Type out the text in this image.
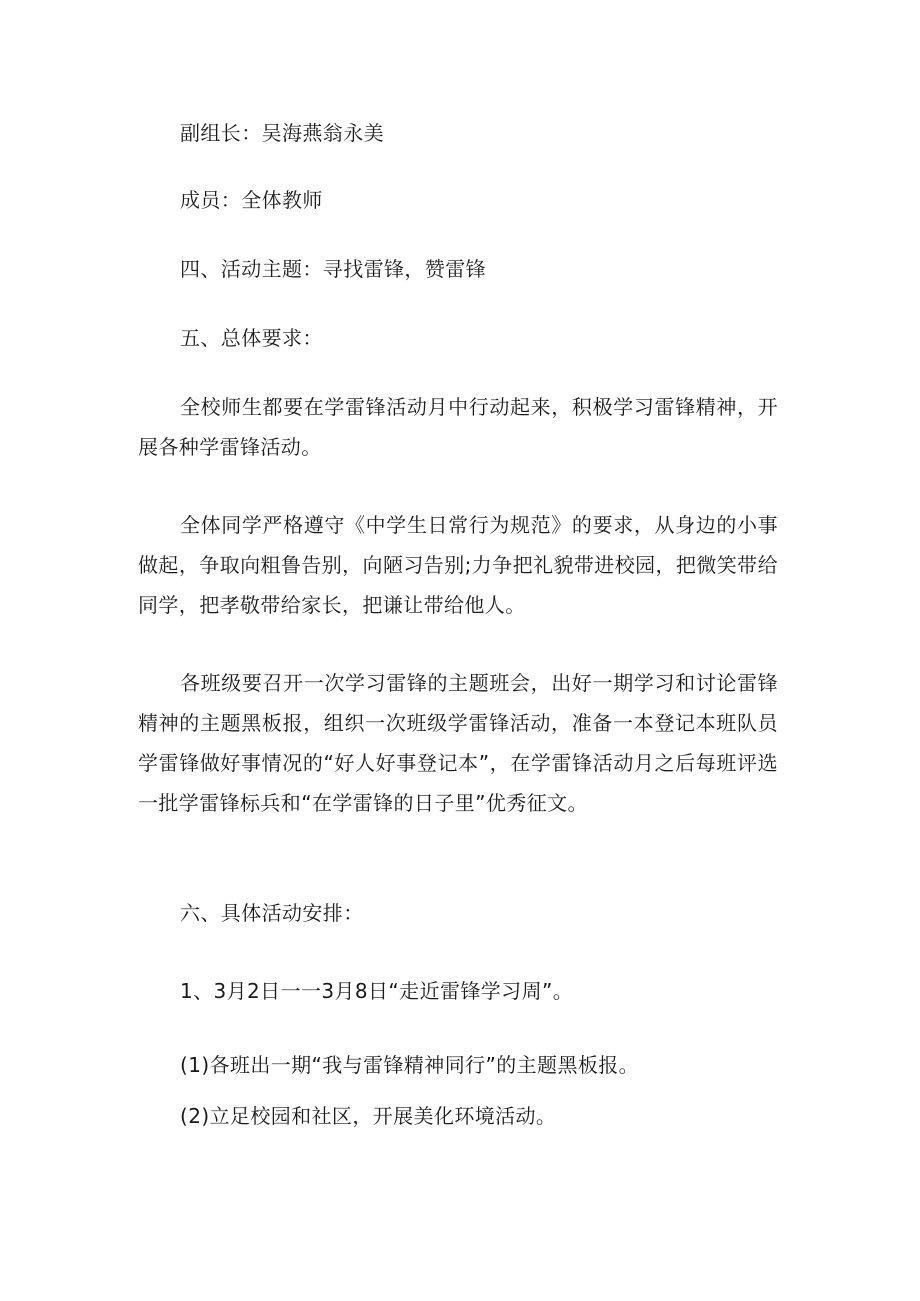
副组长：吴海燕翁永美

成员：全体教师

四、活动主题：寻找雷锋，赞雷锋

五、总体要求：

全校师生都要在学雷锋活动月中行动起来，积极学习雷锋精神，开展各种学雷锋活动。

全体同学严格遵守《中学生日常行为规范》的要求，从身边的小事做起，争取向粗鲁告别，向陋习告别;力争把礼貌带进校园，把微笑带给同学，把孝敬带给家长，把谦让带给他人。

各班级要召开一次学习雷锋的主题班会，出好一期学习和讨论雷锋精神的主题黑板报，组织一次班级学雷锋活动，准备一本登记本班队员学雷锋做好事情况的“好人好事登记本”，在学雷锋活动月之后每班评选一批学雷锋标兵和“在学雷锋的日子里”优秀征文。

六、具体活动安排：

1、3月2日一一3月8日“走近雷锋学习周”。

(1)各班出一期“我与雷锋精神同行”的主题黑板报。

(2)立足校园和社区，开展美化环境活动。
